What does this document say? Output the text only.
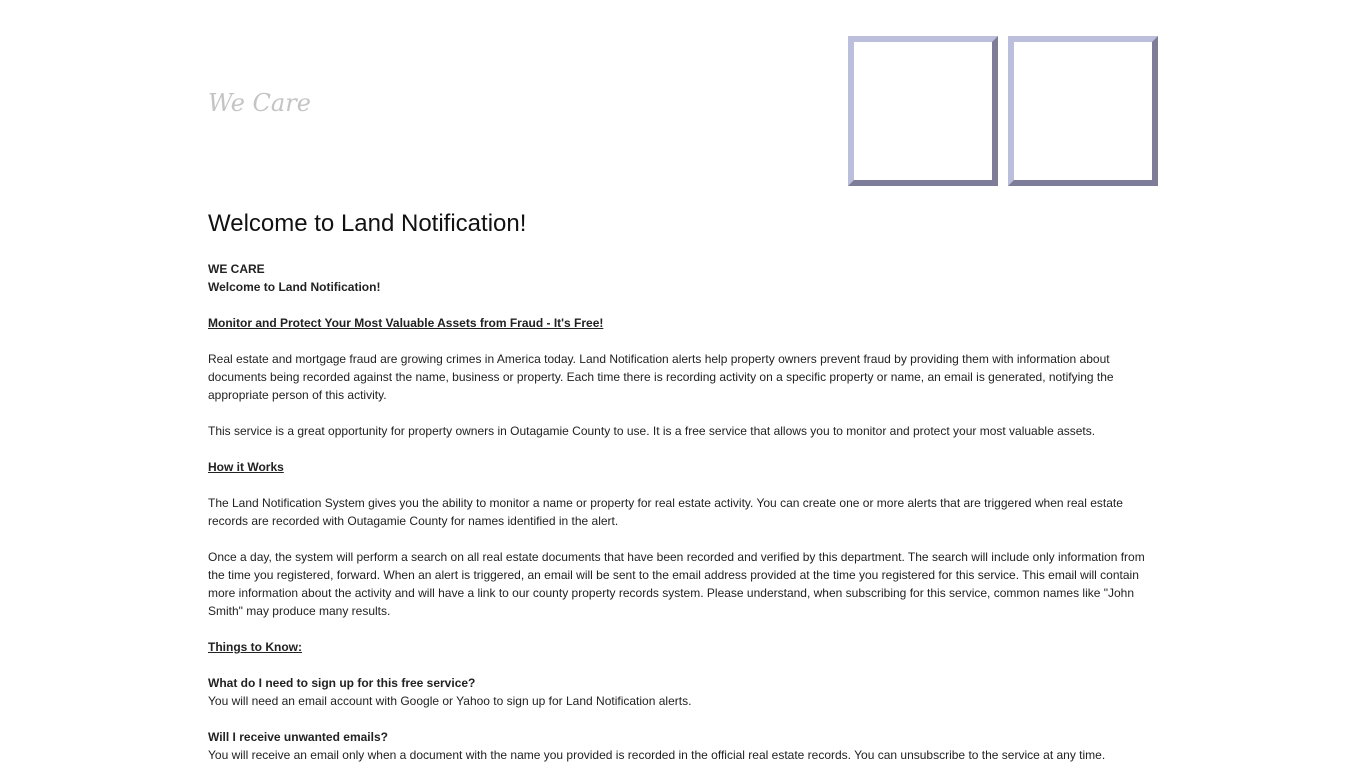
We Care
Welcome to Land Notification!

WE CARE

Welcome to Land Notification!

Monitor and Protect Your Most Valuable Assets from Fraud - It's Free!

Real estate and mortgage fraud are growing crimes in America today. Land Notification alerts help property owners prevent fraud by providing them with information about documents being recorded against the name, business or property. Each time there is recording activity on a specific property or name, an email is generated, notifying the appropriate person of this activity.

This service is a great opportunity for property owners in Outagamie County to use. It is a free service that allows you to monitor and protect your most valuable assets.

How it Works

The Land Notification System gives you the ability to monitor a name or property for real estate activity. You can create one or more alerts that are triggered when real estate records are recorded with Outagamie County for names identified in the alert.

Once a day, the system will perform a search on all real estate documents that have been recorded and verified by this department. The search will include only information from the time you registered, forward. When an alert is triggered, an email will be sent to the email address provided at the time you registered for this service. This email will contain more information about the activity and will have a link to our county property records system. Please understand, when subscribing for this service, common names like "John Smith" may produce many results.

Things to Know:

What do I need to sign up for this free service?

You will need an email account with Google or Yahoo to sign up for Land Notification alerts.

Will I receive unwanted emails?

You will receive an email only when a document with the name you provided is recorded in the official real estate records. You can unsubscribe to the service at any time.
